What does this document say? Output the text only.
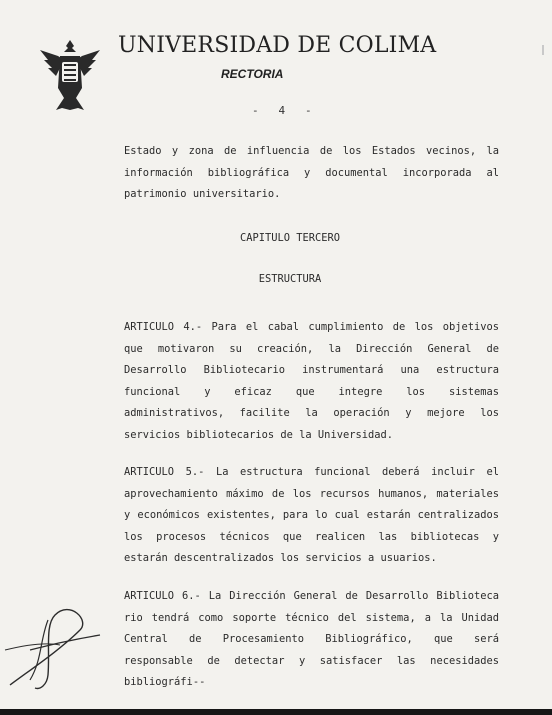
UNIVERSIDAD DE COLIMA
RECTORIA
-   4   -

Estado y zona de influencia de los Estados vecinos, la información bibliográfica y documental incorporada al patrimonio universitario.

CAPITULO TERCERO
ESTRUCTURA

ARTICULO 4.- Para el cabal cumplimiento de los objetivos que motivaron su creación, la Dirección General de Desarrollo Bibliotecario instrumentará una estructura funcional y eficaz que integre los sistemas administrativos, facilite la operación y mejore los servicios bibliotecarios de la Universidad.

ARTICULO 5.- La estructura funcional deberá incluir el aprovechamiento máximo de los recursos humanos, materiales y económicos existentes, para lo cual estarán centralizados los procesos técnicos que realicen las bibliotecas y estarán descentralizados los servicios a usuarios.

ARTICULO 6.- La Dirección General de Desarrollo Biblioteca rio tendrá como soporte técnico del sistema, a la Unidad Central de Procesamiento Bibliográfico, que será responsable de detectar y satisfacer las necesidades bibliográfi--
